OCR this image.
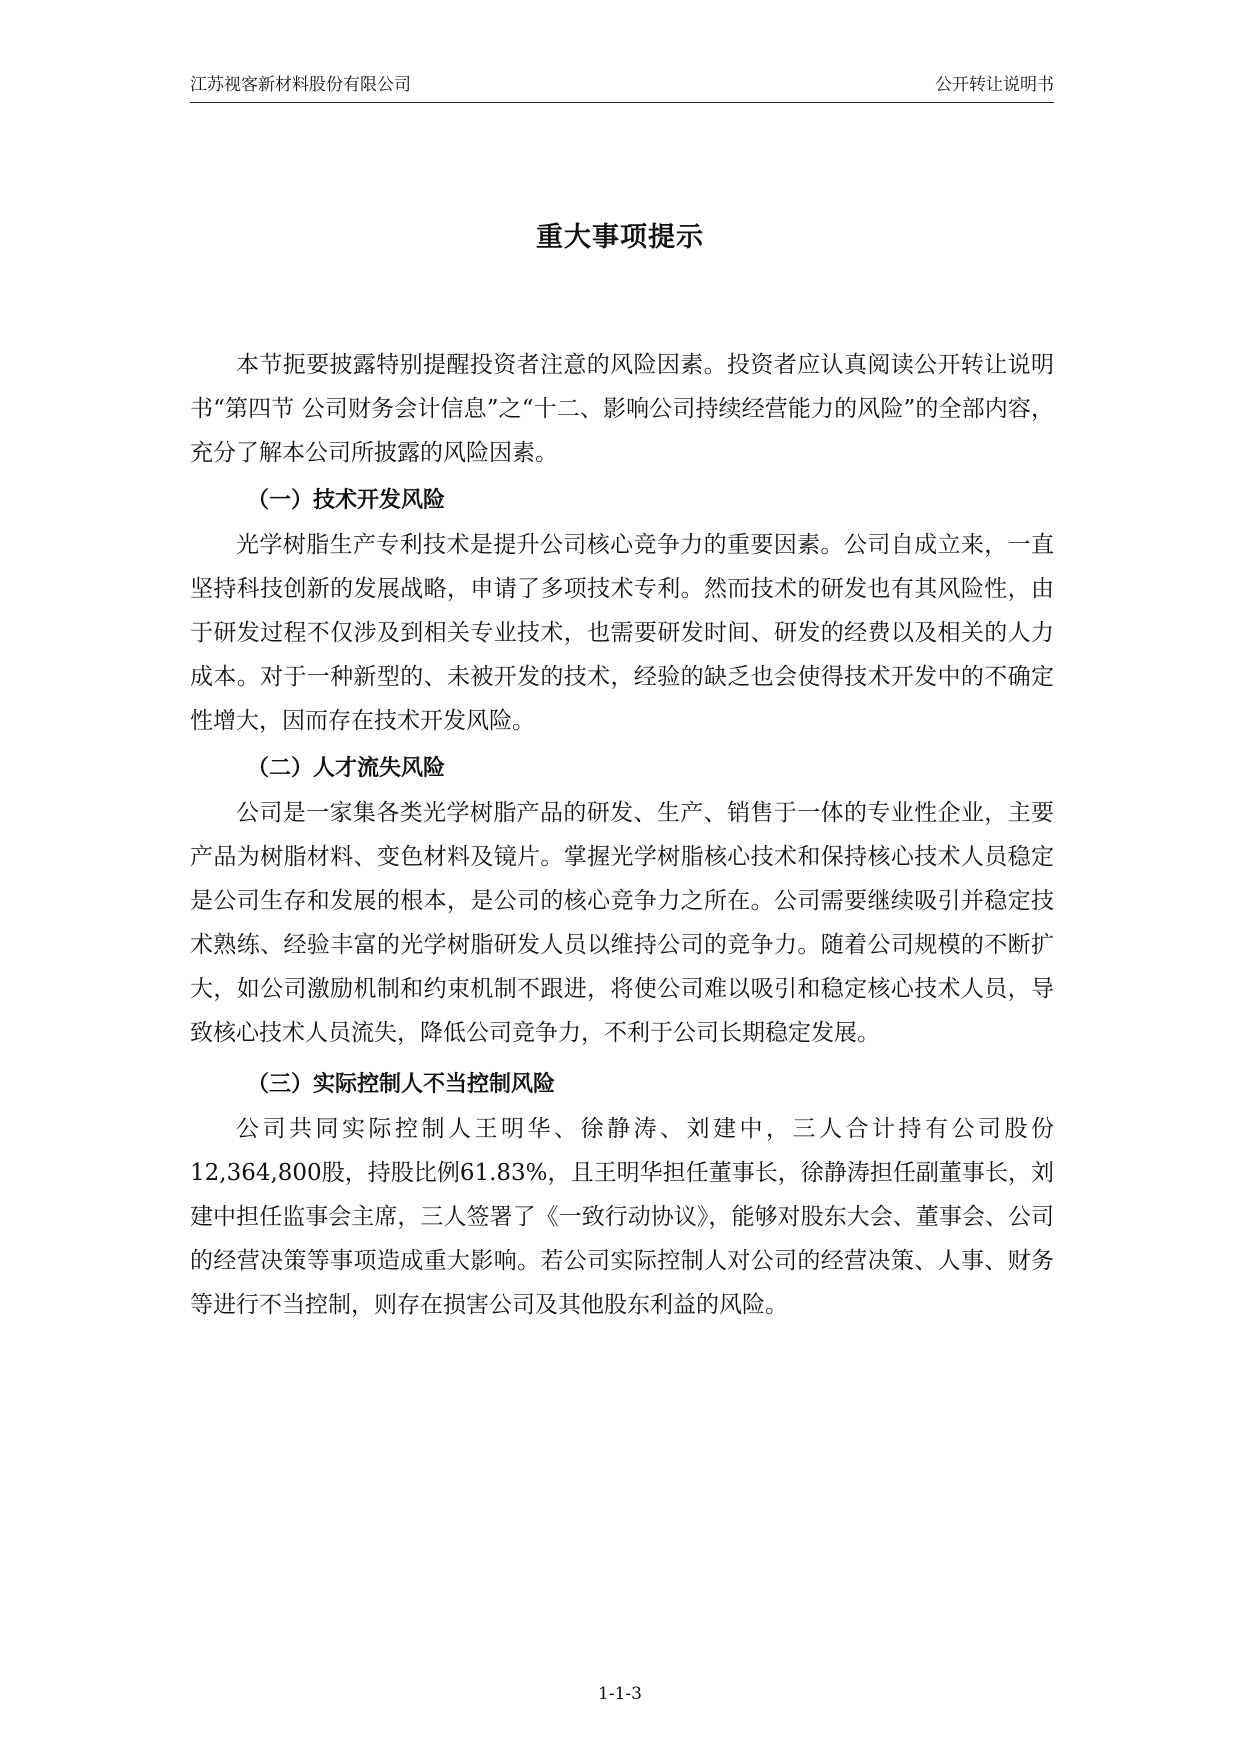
江苏视客新材料股份有限公司	公开转让说明书
重大事项提示

本节扼要披露特别提醒投资者注意的风险因素。投资者应认真阅读公开转让说明书“第四节 公司财务会计信息”之“十二、影响公司持续经营能力的风险”的全部内容，充分了解本公司所披露的风险因素。

（一）技术开发风险

光学树脂生产专利技术是提升公司核心竞争力的重要因素。公司自成立来，一直坚持科技创新的发展战略，申请了多项技术专利。然而技术的研发也有其风险性，由于研发过程不仅涉及到相关专业技术，也需要研发时间、研发的经费以及相关的人力成本。对于一种新型的、未被开发的技术，经验的缺乏也会使得技术开发中的不确定性增大，因而存在技术开发风险。

（二）人才流失风险

公司是一家集各类光学树脂产品的研发、生产、销售于一体的专业性企业，主要产品为树脂材料、变色材料及镜片。掌握光学树脂核心技术和保持核心技术人员稳定是公司生存和发展的根本，是公司的核心竞争力之所在。公司需要继续吸引并稳定技术熟练、经验丰富的光学树脂研发人员以维持公司的竞争力。随着公司规模的不断扩大，如公司激励机制和约束机制不跟进，将使公司难以吸引和稳定核心技术人员，导致核心技术人员流失，降低公司竞争力，不利于公司长期稳定发展。

（三）实际控制人不当控制风险

公司共同实际控制人王明华、徐静涛、刘建中，三人合计持有公司股份12,364,800股，持股比例61.83%，且王明华担任董事长，徐静涛担任副董事长，刘建中担任监事会主席，三人签署了《一致行动协议》，能够对股东大会、董事会、公司的经营决策等事项造成重大影响。若公司实际控制人对公司的经营决策、人事、财务等进行不当控制，则存在损害公司及其他股东利益的风险。

1-1-3
